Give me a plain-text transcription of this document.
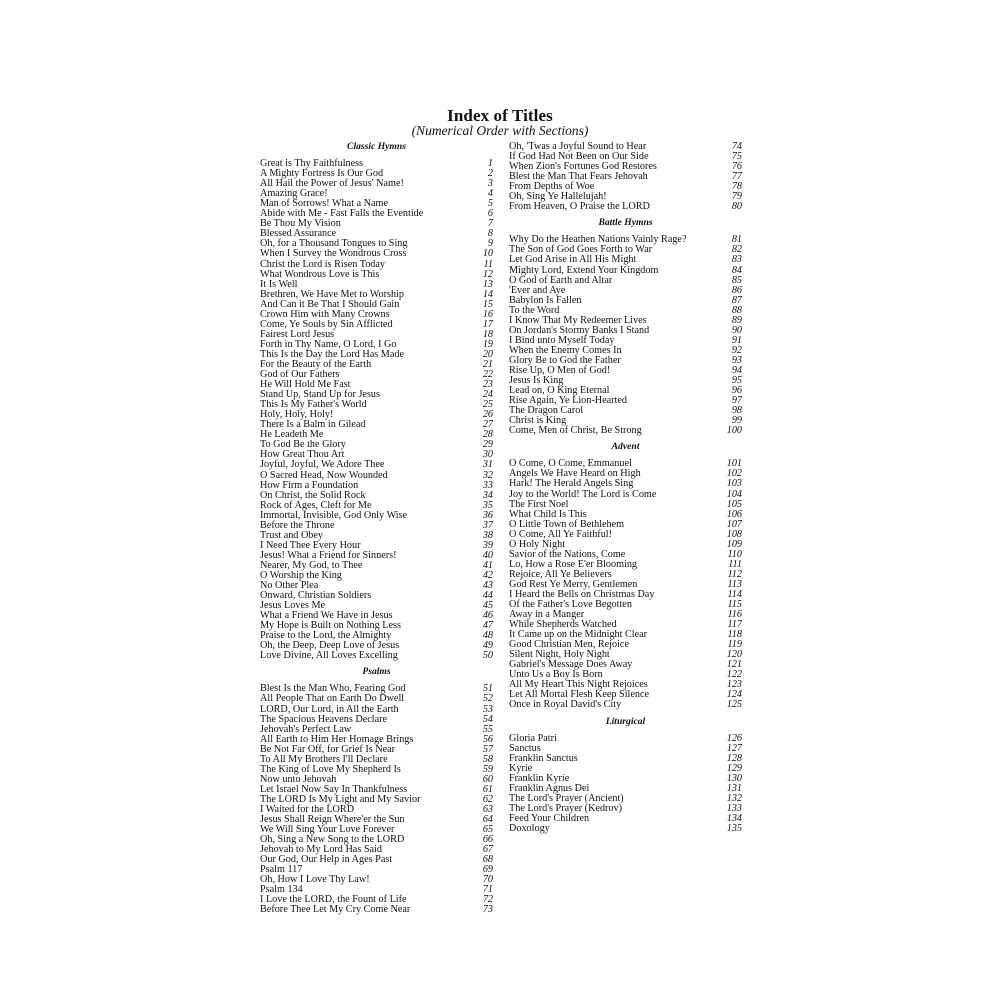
Index of Titles
(Numerical Order with Sections)
Classic Hymns
Great is Thy Faithfulness	1
A Mighty Fortress Is Our God	2
All Hail the Power of Jesus' Name!	3
Amazing Grace!	4
Man of Sorrows! What a Name	5
Abide with Me - Fast Falls the Eventide	6
Be Thou My Vision	7
Blessed Assurance	8
Oh, for a Thousand Tongues to Sing	9
When I Survey the Wondrous Cross	10
Christ the Lord is Risen Today	11
What Wondrous Love is This	12
It Is Well	13
Brethren, We Have Met to Worship	14
And Can it Be That I Should Gain	15
Crown Him with Many Crowns	16
Come, Ye Souls by Sin Afflicted	17
Fairest Lord Jesus	18
Forth in Thy Name, O Lord, I Go	19
This Is the Day the Lord Has Made	20
For the Beauty of the Earth	21
God of Our Fathers	22
He Will Hold Me Fast	23
Stand Up, Stand Up for Jesus	24
This Is My Father's World	25
Holy, Holy, Holy!	26
There Is a Balm in Gilead	27
He Leadeth Me	28
To God Be the Glory	29
How Great Thou Art	30
Joyful, Joyful, We Adore Thee	31
O Sacred Head, Now Wounded	32
How Firm a Foundation	33
On Christ, the Solid Rock	34
Rock of Ages, Cleft for Me	35
Immortal, Invisible, God Only Wise	36
Before the Throne	37
Trust and Obey	38
I Need Thee Every Hour	39
Jesus! What a Friend for Sinners!	40
Nearer, My God, to Thee	41
O Worship the King	42
No Other Plea	43
Onward, Christian Soldiers	44
Jesus Loves Me	45
What a Friend We Have in Jesus	46
My Hope is Built on Nothing Less	47
Praise to the Lord, the Almighty	48
Oh, the Deep, Deep Love of Jesus	49
Love Divine, All Loves Excelling	50
Psalms
Blest Is the Man Who, Fearing God	51
All People That on Earth Do Dwell	52
LORD, Our Lord, in All the Earth	53
The Spacious Heavens Declare	54
Jehovah's Perfect Law	55
All Earth to Him Her Homage Brings	56
Be Not Far Off, for Grief Is Near	57
To All My Brothers I'll Declare	58
The King of Love My Shepherd Is	59
Now unto Jehovah	60
Let Israel Now Say In Thankfulness	61
The LORD Is My Light and My Savior	62
I Waited for the LORD	63
Jesus Shall Reign Where'er the Sun	64
We Will Sing Your Love Forever	65
Oh, Sing a New Song to the LORD	66
Jehovah to My Lord Has Said	67
Our God, Our Help in Ages Past	68
Psalm 117	69
Oh, How I Love Thy Law!	70
Psalm 134	71
I Love the LORD, the Fount of Life	72
Before Thee Let My Cry Come Near	73
Oh, 'Twas a Joyful Sound to Hear	74
If God Had Not Been on Our Side	75
When Zion's Fortunes God Restores	76
Blest the Man That Fears Jehovah	77
From Depths of Woe	78
Oh, Sing Ye Hallelujah!	79
From Heaven, O Praise the LORD	80
Battle Hymns
Why Do the Heathen Nations Vainly Rage?	81
The Son of God Goes Forth to War	82
Let God Arise in All His Might	83
Mighty Lord, Extend Your Kingdom	84
O God of Earth and Altar	85
'Ever and Aye	86
Babylon Is Fallen	87
To the Word	88
I Know That My Redeemer Lives	89
On Jordan's Stormy Banks I Stand	90
I Bind unto Myself Today	91
When the Enemy Comes In	92
Glory Be to God the Father	93
Rise Up, O Men of God!	94
Jesus Is King	95
Lead on, O King Eternal	96
Rise Again, Ye Lion-Hearted	97
The Dragon Carol	98
Christ is King	99
Come, Men of Christ, Be Strong	100
Advent
O Come, O Come, Emmanuel	101
Angels We Have Heard on High	102
Hark! The Herald Angels Sing	103
Joy to the World! The Lord is Come	104
The First Noel	105
What Child Is This	106
O Little Town of Bethlehem	107
O Come, All Ye Faithful!	108
O Holy Night	109
Savior of the Nations, Come	110
Lo, How a Rose E'er Blooming	111
Rejoice, All Ye Believers	112
God Rest Ye Merry, Gentlemen	113
I Heard the Bells on Christmas Day	114
Of the Father's Love Begotten	115
Away in a Manger	116
While Shepherds Watched	117
It Came up on the Midnight Clear	118
Good Christian Men, Rejoice	119
Silent Night, Holy Night	120
Gabriel's Message Does Away	121
Unto Us a Boy Is Born	122
All My Heart This Night Rejoices	123
Let All Mortal Flesh Keep Silence	124
Once in Royal David's City	125
Liturgical
Gloria Patri	126
Sanctus	127
Franklin Sanctus	128
Kyrie	129
Franklin Kyrie	130
Franklin Agnus Dei	131
The Lord's Prayer (Ancient)	132
The Lord's Prayer (Kedrov)	133
Feed Your Children	134
Doxology	135
